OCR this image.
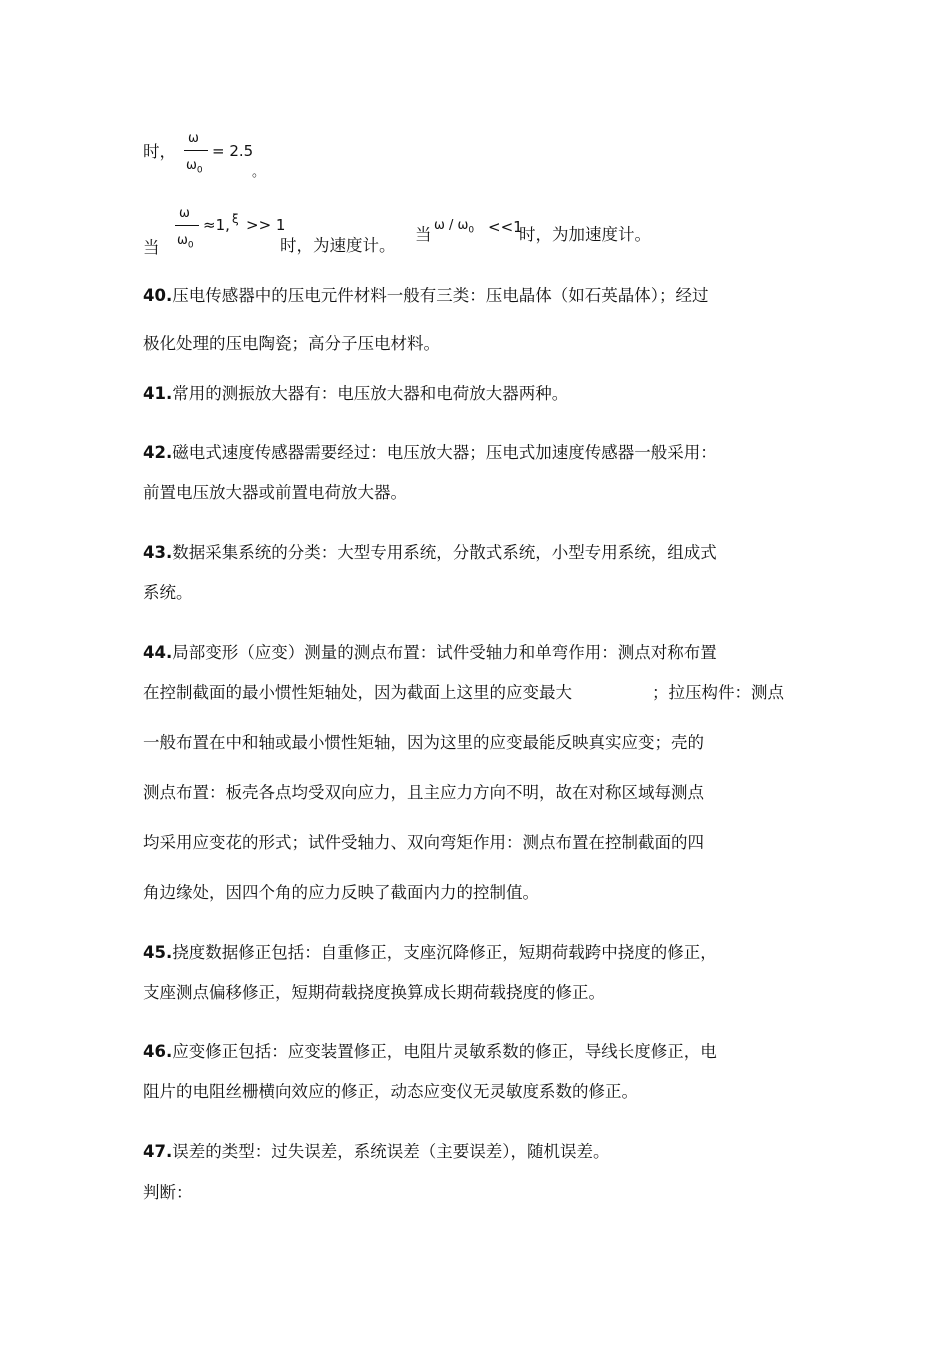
时，
ω
$\omega_0$
= 2.5
。
当
ω
$\omega_0$
≈1, ξ >> 1
时，为速度计。
当 $\omega / \omega_0 <<1$
时，为加速度计。
40.压电传感器中的压电元件材料一般有三类：压电晶体（如石英晶体）；经过
极化处理的压电陶瓷；高分子压电材料。
41.常用的测振放大器有：电压放大器和电荷放大器两种。
42.磁电式速度传感器需要经过：电压放大器；压电式加速度传感器一般采用：
前置电压放大器或前置电荷放大器。
43.数据采集系统的分类：大型专用系统，分散式系统，小型专用系统，组成式
系统。
44.局部变形（应变）测量的测点布置：试件受轴力和单弯作用：测点对称布置
在控制截面的最小惯性矩轴处，因为截面上这里的应变最大	；拉压构件：测点
一般布置在中和轴或最小惯性矩轴，因为这里的应变最能反映真实应变；壳的
测点布置：板壳各点均受双向应力，且主应力方向不明，故在对称区域每测点
均采用应变花的形式；试件受轴力、双向弯矩作用：测点布置在控制截面的四
角边缘处，因四个角的应力反映了截面内力的控制值。
45.挠度数据修正包括：自重修正，支座沉降修正，短期荷载跨中挠度的修正，
支座测点偏移修正，短期荷载挠度换算成长期荷载挠度的修正。
46.应变修正包括：应变装置修正，电阻片灵敏系数的修正，导线长度修正，电
阻片的电阻丝栅横向效应的修正，动态应变仪无灵敏度系数的修正。
47.误差的类型：过失误差，系统误差（主要误差），随机误差。
判断：
